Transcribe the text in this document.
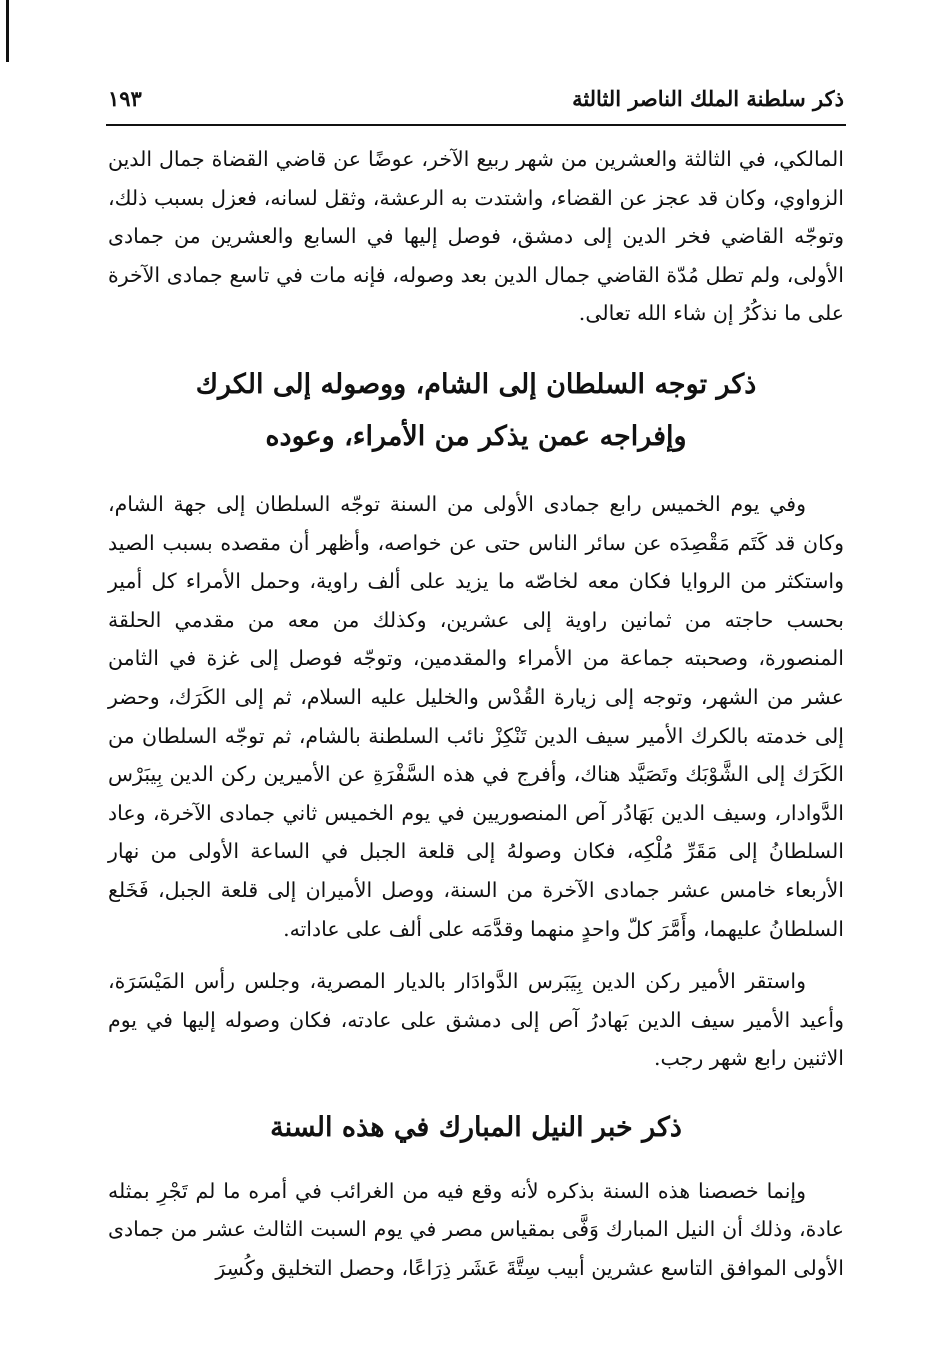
ذكر سلطنة الملك الناصر الثالثة
١٩٣

المالكي، في الثالثة والعشرين من شهر ربيع الآخر، عوضًا عن قاضي القضاة جمال الدين الزواوي، وكان قد عجز عن القضاء، واشتدت به الرعشة، وثقل لسانه، فعزل بسبب ذلك، وتوجّه القاضي فخر الدين إلى دمشق، فوصل إليها في السابع والعشرين من جمادى الأولى، ولم تطل مُدّة القاضي جمال الدين بعد وصوله، فإنه مات في تاسع جمادى الآخرة على ما نذكُرُ إن شاء الله تعالى.

ذكر توجه السلطان إلى الشام، ووصوله إلى الكرك
وإفراجه عمن يذكر من الأمراء، وعوده

وفي يوم الخميس رابع جمادى الأولى من السنة توجّه السلطان إلى جهة الشام، وكان قد كَتَم مَقْصِدَه عن سائر الناس حتى عن خواصه، وأظهر أن مقصده بسبب الصيد واستكثر من الروايا فكان معه لخاصّه ما يزيد على ألف راوية، وحمل الأمراء كل أمير بحسب حاجته من ثمانين راوية إلى عشرين، وكذلك من معه من مقدمي الحلقة المنصورة، وصحبته جماعة من الأمراء والمقدمين، وتوجّه فوصل إلى غزة في الثامن عشر من الشهر، وتوجه إلى زيارة القُدْس والخليل عليه السلام، ثم إلى الكَرَك، وحضر إلى خدمته بالكرك الأمير سيف الدين تَنْكِزْ نائب السلطنة بالشام، ثم توجّه السلطان من الكَرَك إلى الشَّوْبَك وتَصَيَّد هناك، وأفرج في هذه السَّفْرَةِ عن الأميرين ركن الدين بِيبَرْس الدَّوادار، وسيف الدين بَهَادُر آص المنصوريين في يوم الخميس ثاني جمادى الآخرة، وعاد السلطانُ إلى مَقَرِّ مُلْكِه، فكان وصولهُ إلى قلعة الجبل في الساعة الأولى من نهار الأربعاء خامس عشر جمادى الآخرة من السنة، ووصل الأميران إلى قلعة الجبل، فَخَلع السلطانُ عليهما، وأَمَّرَ كلّ واحدٍ منهما وقدَّمَه على ألف على عاداته.

واستقر الأمير ركن الدين بِيَبَرس الدَّوادَار بالديار المصرية، وجلس رأس المَيْسَرَة، وأعيد الأمير سيف الدين بَهادرُ آص إلى دمشق على عادته، فكان وصوله إليها في يوم الاثنين رابع شهر رجب.

ذكر خبر النيل المبارك في هذه السنة

وإنما خصصنا هذه السنة بذكره لأنه وقع فيه من الغرائب في أمره ما لم تَجْرِ بمثله عادة، وذلك أن النيل المبارك وَفَّى بمقياس مصر في يوم السبت الثالث عشر من جمادى الأولى الموافق التاسع عشرين أبيب سِتَّةَ عَشَر ذِرَاعًا، وحصل التخليق وكُسِرَ
